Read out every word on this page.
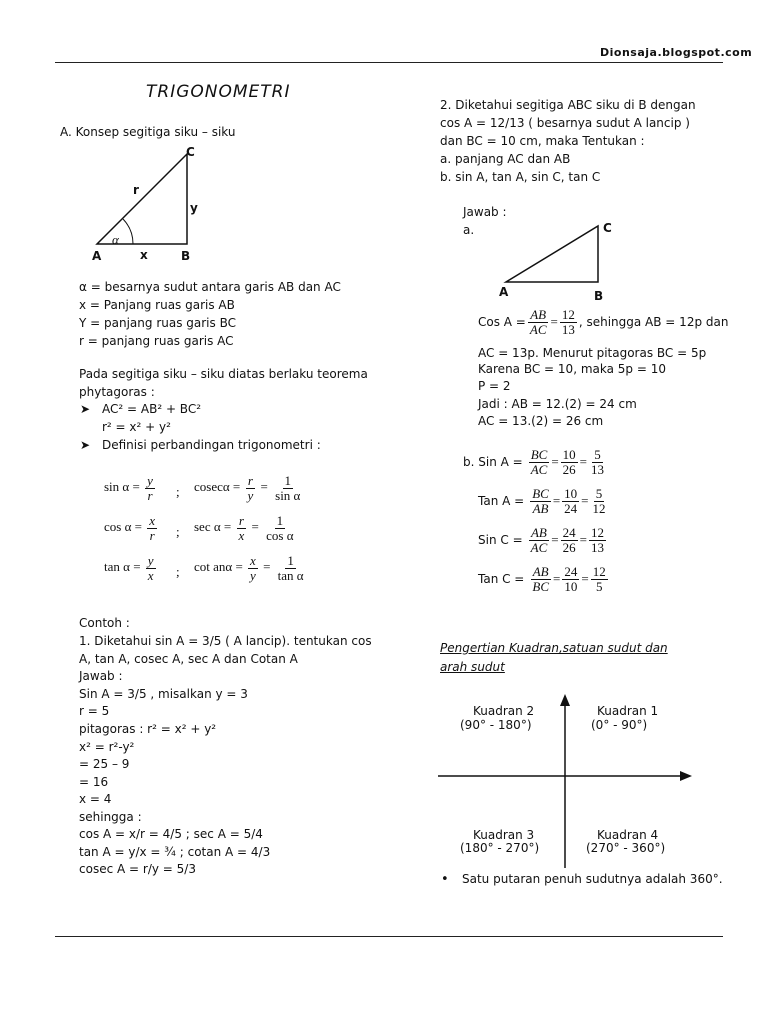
Dionsaja.blogspot.com
TRIGONOMETRI
A. Konsep segitiga siku – siku
C
r
y
α
A	x	B
α = besarnya sudut antara garis AB dan AC
x = Panjang ruas garis AB
Y = panjang ruas garis BC
r = panjang ruas garis AC
Pada segitiga siku – siku diatas berlaku teorema
phytagoras :
➤ AC² = AB² + BC²
r² = x² + y²
➤ Definisi perbandingan trigonometri :
$\sin \alpha = \frac{y}{r}$ ; $cosec\alpha = \frac{r}{y} = \frac{1}{\text{sin α}}$
$\cos \alpha = \frac{x}{r}$ ; $\sec \alpha = \frac{r}{x} = \frac{1}{\text{cos α}}$
$\tan \alpha = \frac{y}{x}$ ; $\cot an\alpha = \frac{x}{y} = \frac{1}{\text{tan α}}$
Contoh :
1. Diketahui sin A = 3/5 ( A lancip). tentukan cos
A, tan A, cosec A, sec A dan Cotan A
Jawab :
Sin A = 3/5 , misalkan y = 3
r = 5
pitagoras : r² = x² + y²
x² = r²-y²
= 25 – 9
= 16
x = 4
sehingga :
cos A = x/r = 4/5 ; sec A = 5/4
tan A = y/x = ¾ ; cotan A = 4/3
cosec A = r/y = 5/3
2. Diketahui segitiga ABC siku di B dengan
cos A = 12/13 ( besarnya sudut A lancip )
dan BC = 10 cm, maka Tentukan :
a. panjang AC dan AB
b. sin A, tan A, sin C, tan C
Jawab :
a.	C
A	B
Cos $A = \frac{AB}{AC} = \frac{12}{13}$ , sehingga AB = 12p dan
AC = 13p. Menurut pitagoras BC = 5p
Karena BC = 10, maka 5p = 10
P = 2
Jadi : AB = 12.(2) = 24 cm
AC = 13.(2) = 26 cm
b. Sin $A = \frac{BC}{AC} = \frac{10}{26} = \frac{5}{13}$
Tan $A = \frac{BC}{AB} = \frac{10}{24} = \frac{5}{12}$
Sin $C = \frac{AB}{AC} = \frac{24}{26} = \frac{12}{13}$
Tan $C = \frac{AB}{BC} = \frac{24}{10} = \frac{12}{5}$
Pengertian Kuadran,satuan sudut dan
arah sudut
Kuadran 2
(90° - 180°)
Kuadran 1
(0° - 90°)
Kuadran 3
(180° - 270°)
Kuadran 4
(270° - 360°)
• Satu putaran penuh sudutnya adalah 360°.
